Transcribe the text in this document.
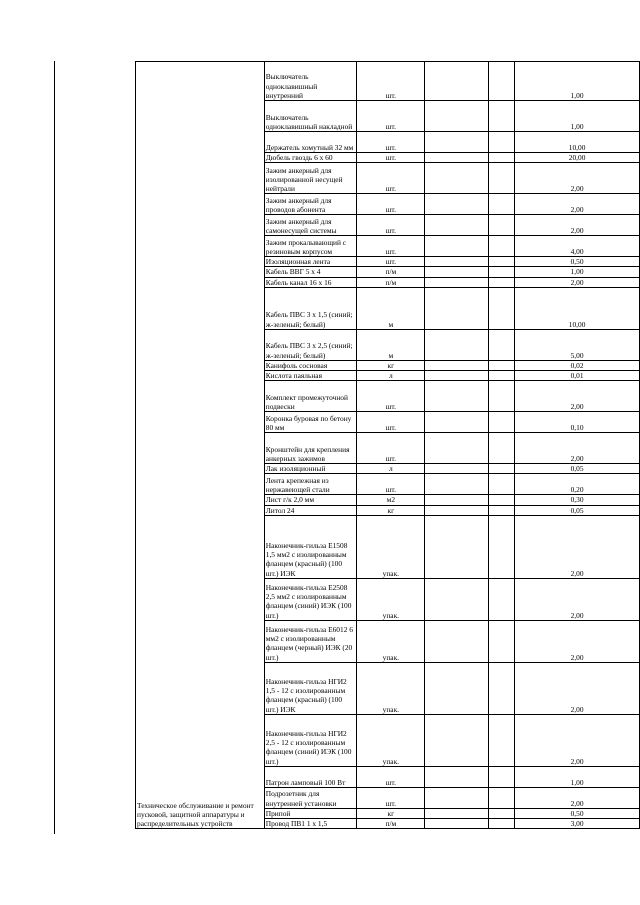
Техническое обслуживание и ремонт пусковой, защитной аппаратуры и распределительных устройств	Выключатель одноклавишный внутренний	шт.			1,00
	Выключатель одноклавишный накладной	шт.			1,00
	Держатель хомутный 32 мм	шт.			10,00
	Дюбель гвоздь 6 х 60	шт.			20,00
	Зажим анкерный для изолированной несущей нейтрали	шт.			2,00
	Зажим анкерный для проводов абонента	шт.			2,00
	Зажим анкерный для самонесущей системы	шт.			2,00
	Зажим прокалывающий с резиновым корпусом	шт.			4,00
	Изоляционная лента	шт.			0,50
	Кабель ВВГ 5 х 4	п/м			1,00
	Кабель канал 16 х 16	п/м			2,00
	Кабель ПВС 3 х 1,5 (синий; ж-зеленый; белый)	м			10,00
	Кабель ПВС 3 х 2,5 (синий; ж-зеленый; белый)	м			5,00
	Канифоль сосновая	кг			0,02
	Кислота паяльная	л			0,01
	Комплект промежуточной подвески	шт.			2,00
	Коронка буровая по бетону 80 мм	шт.			0,10
	Кронштейн для крепления анкерных зажимов	шт.			2,00
	Лак изоляционный	л			0,05
	Лента крепежная из нержавеющей стали	шт.			0,20
	Лист г/к 2,0 мм	м2			0,30
	Литол 24	кг			0,05
	Наконечник-гильза Е1508 1,5 мм2 с изолированным фланцем (красный) (100 шт.) ИЭК	упак.			2,00
	Наконечник-гильза Е2508 2,5 мм2 с изолированным фланцем (синий) ИЭК (100 шт.)	упак.			2,00
	Наконечник-гильза Е6012 6 мм2 с изолированным фланцем (черный) ИЭК (20 шт.)	упак.			2,00
	Наконечник-гильза НГИ2 1,5 - 12 с изолированным фланцем (красный) (100 шт.) ИЭК	упак.			2,00
	Наконечник-гильза НГИ2 2,5 - 12 с изолированным фланцем (синий) ИЭК (100 шт.)	упак.			2,00
	Патрон ламповый 100 Вт	шт.			1,00
	Подрозетник для внутренней установки	шт.			2,00
	Припой	кг			0,50
	Провод ПВ1 1 х 1,5	п/м			3,00
